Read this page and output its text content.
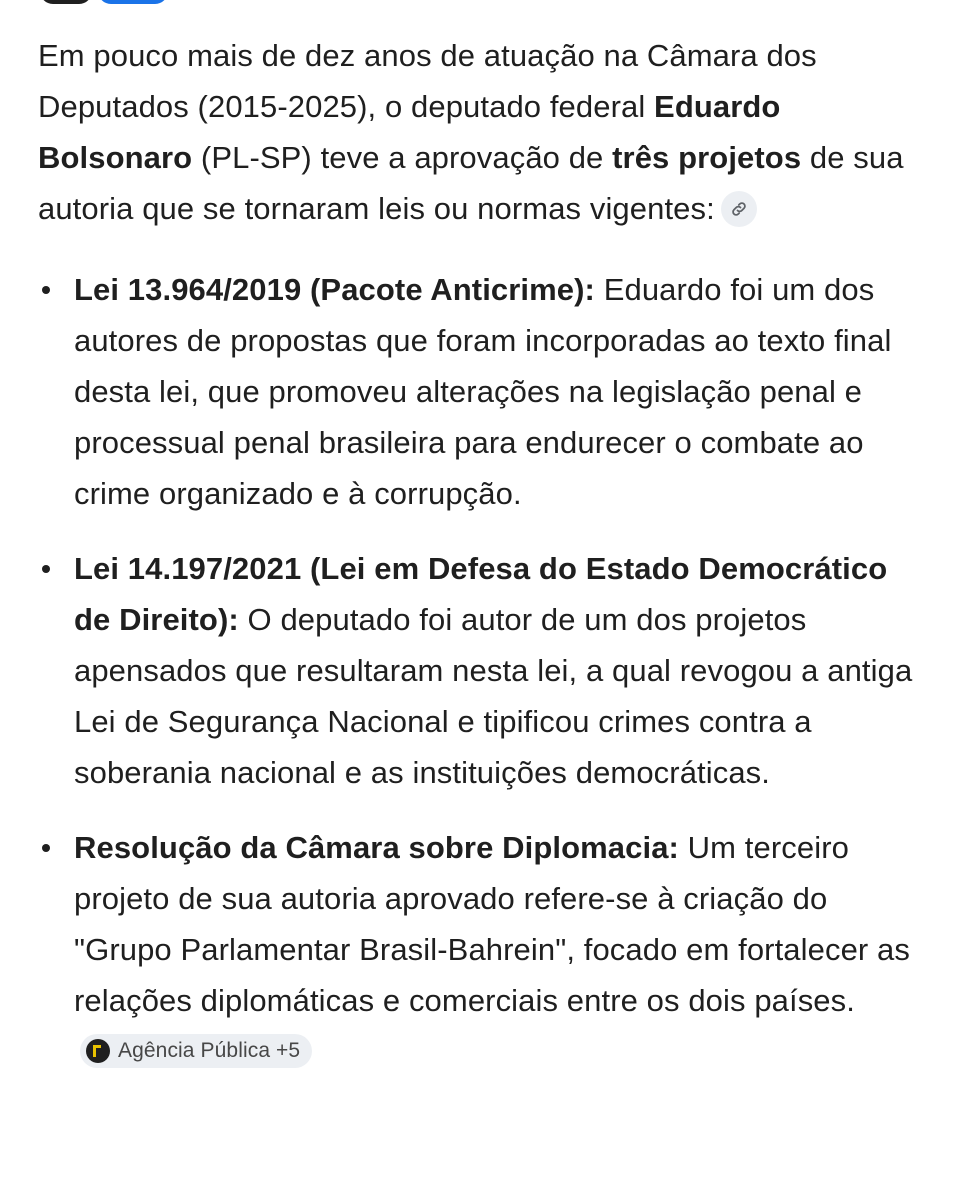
Em pouco mais de dez anos de atuação na Câmara dos Deputados (2015-2025), o deputado federal Eduardo Bolsonaro (PL-SP) teve a aprovação de três projetos de sua autoria que se tornaram leis ou normas vigentes:

Lei 13.964/2019 (Pacote Anticrime): Eduardo foi um dos autores de propostas que foram incorporadas ao texto final desta lei, que promoveu alterações na legislação penal e processual penal brasileira para endurecer o combate ao crime organizado e à corrupção.
Lei 14.197/2021 (Lei em Defesa do Estado Democrático de Direito): O deputado foi autor de um dos projetos apensados que resultaram nesta lei, a qual revogou a antiga Lei de Segurança Nacional e tipificou crimes contra a soberania nacional e as instituições democráticas.
Resolução da Câmara sobre Diplomacia: Um terceiro projeto de sua autoria aprovado refere-se à criação do "Grupo Parlamentar Brasil-Bahrein", focado em fortalecer as relações diplomáticas e comerciais entre os dois países.
Agência Pública +5
